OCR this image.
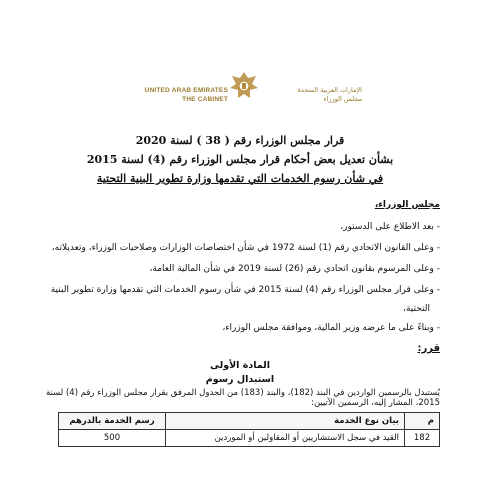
UNITED ARAB EMIRATES
THE CABINET
الإمارات العربية المتحدة
مجلس الوزراء
قرار مجلس الوزراء رقم ( 38 ) لسنة 2020
بشأن تعديل بعض أحكام قرار مجلس الوزراء رقم (4) لسنة 2015
في شأن رسوم الخدمات التي تقدمها وزارة تطوير البنية التحتية
مجلس الوزراء،
- بعد الاطلاع على الدستور،
- وعلى القانون الاتحادي رقم (1) لسنة 1972 في شأن اختصاصات الوزارات وصلاحيات الوزراء، وتعديلاته،
- وعلى المرسوم بقانون اتحادي رقم (26) لسنة 2019 في شأن المالية العامة،
- وعلى قرار مجلس الوزراء رقم (4) لسنة 2015 في شأن رسوم الخدمات التي تقدمها وزارة تطوير البنية
التحتية،
- وبناءً على ما عرضه وزير المالية، وموافقة مجلس الوزراء،
قرر:
المادة الأولى
استبدال رسوم
يُستبدل بالرسمين الواردين في البند (182)، والبند (183) من الجدول المرفق بقرار مجلس الوزراء رقم (4) لسنة
2015، المشار إليه، الرسمين الآتيين:
م	بيان نوع الخدمة	رسم الخدمة بالدرهم
182	القيد في سجل الاستشاريين أو المقاولين أو الموردين	500
